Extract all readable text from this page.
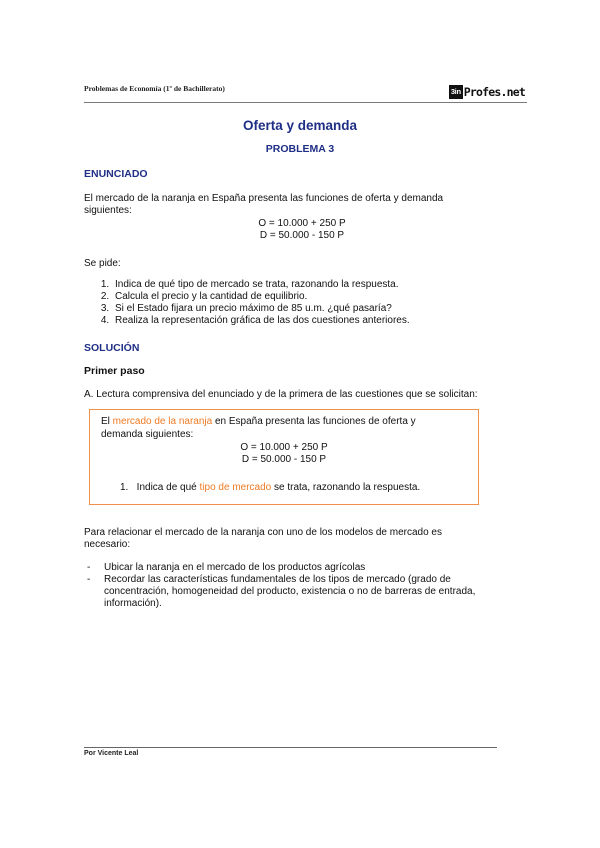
Problemas de Economía (1º de Bachillerato)	3in Profes.net
Oferta y demanda
PROBLEMA 3
ENUNCIADO
El mercado de la naranja en España presenta las funciones de oferta y demanda
siguientes:
O = 10.000 + 250 P
D = 50.000 - 150 P
Se pide:
1. Indica de qué tipo de mercado se trata, razonando la respuesta.
2. Calcula el precio y la cantidad de equilibrio.
3. Si el Estado fijara un precio máximo de 85 u.m. ¿qué pasaría?
4. Realiza la representación gráfica de las dos cuestiones anteriores.
SOLUCIÓN
Primer paso
A. Lectura comprensiva del enunciado y de la primera de las cuestiones que se solicitan:
El mercado de la naranja en España presenta las funciones de oferta y
demanda siguientes:
O = 10.000 + 250 P
D = 50.000 - 150 P
1.   Indica de qué tipo de mercado se trata, razonando la respuesta.
Para relacionar el mercado de la naranja con uno de los modelos de mercado es
necesario:
- Ubicar la naranja en el mercado de los productos agrícolas
- Recordar las características fundamentales de los tipos de mercado (grado de concentración, homogeneidad del producto, existencia o no de barreras de entrada, información).
Por Vicente Leal
